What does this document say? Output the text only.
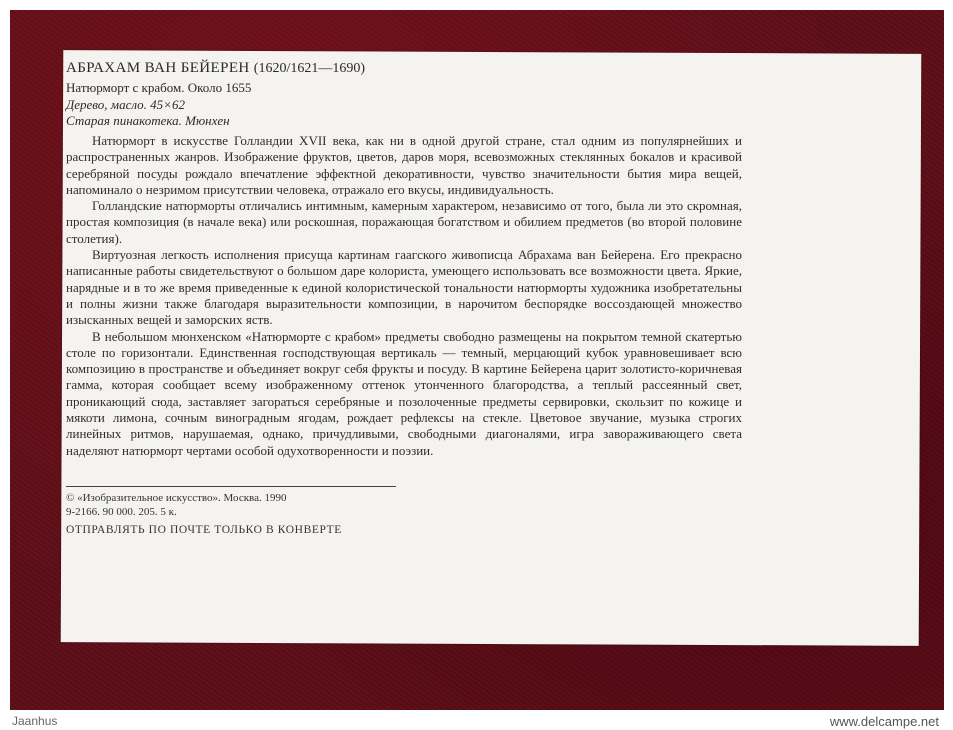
АБРАХАМ ВАН БЕЙЕРЕН (1620/1621—1690)
Натюрморт с крабом. Около 1655
Дерево, масло. 45×62
Старая пинакотека. Мюнхен

Натюрморт в искусстве Голландии XVII века, как ни в одной другой стране, стал одним из популярнейших и распространенных жанров. Изображение фруктов, цветов, даров моря, всевозможных стеклянных бокалов и красивой серебряной посуды рождало впечатление эффектной декоративности, чувство значительности бытия мира вещей, напоминало о незримом присутствии человека, отражало его вкусы, индивидуальность.

Голландские натюрморты отличались интимным, камерным характером, независимо от того, была ли это скромная, простая композиция (в начале века) или роскошная, поражающая богатством и обилием предметов (во второй половине столетия).

Виртуозная легкость исполнения присуща картинам гаагского живописца Абрахама ван Бейерена. Его прекрасно написанные работы свидетельствуют о большом даре колориста, умеющего использовать все возможности цвета. Яркие, нарядные и в то же время приведенные к единой колористической тональности натюрморты художника изобретательны и полны жизни также благодаря выразительности композиции, в нарочитом беспорядке воссоздающей множество изысканных вещей и заморских яств.

В небольшом мюнхенском «Натюрморте с крабом» предметы свободно размещены на покрытом темной скатертью столе по горизонтали. Единственная господствующая вертикаль — темный, мерцающий кубок уравновешивает всю композицию в пространстве и объединяет вокруг себя фрукты и посуду. В картине Бейерена царит золотисто-коричневая гамма, которая сообщает всему изображенному оттенок утонченного благородства, а теплый рассеянный свет, проникающий сюда, заставляет загораться серебряные и позолоченные предметы сервировки, скользит по кожице и мякоти лимона, сочным виноградным ягодам, рождает рефлексы на стекле. Цветовое звучание, музыка строгих линейных ритмов, нарушаемая, однако, причудливыми, свободными диагоналями, игра завораживающего света наделяют натюрморт чертами особой одухотворенности и поэзии.

© «Изобразительное искусство». Москва. 1990
9-2166. 90 000. 205. 5 к.
ОТПРАВЛЯТЬ ПО ПОЧТЕ ТОЛЬКО В КОНВЕРТЕ
Jaanhus	www.delcampe.net
